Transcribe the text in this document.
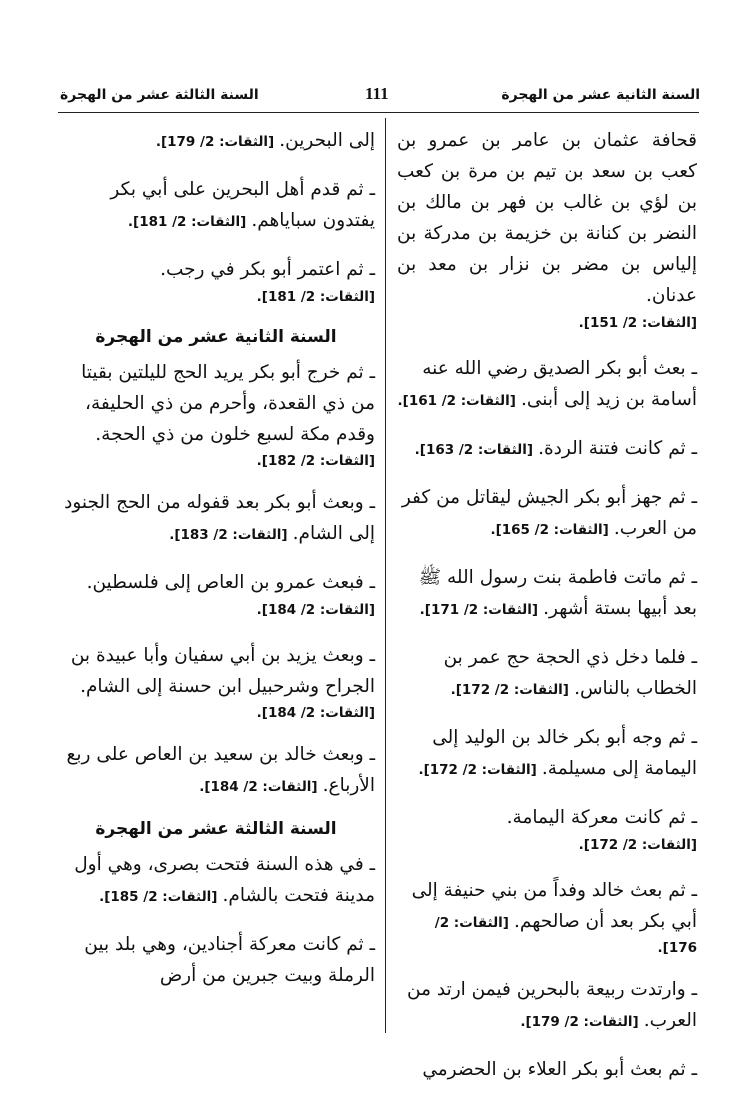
السنة الثانية عشر من الهجرة
111
السنة الثالثة عشر من الهجرة
قحافة عثمان بن عامر بن عمرو بن كعب بن سعد بن تيم بن مرة بن كعب بن لؤي بن غالب بن فهر بن مالك بن النضر بن كنانة بن خزيمة بن مدركة بن إلياس بن مضر بن نزار بن معد بن عدنان.
[الثقات: 2/ 151].
ـ بعث أبو بكر الصديق رضي الله عنه أسامة بن زيد إلى أبنى. [الثقات: 2/ 161].
ـ ثم كانت فتنة الردة. [الثقات: 2/ 163].
ـ ثم جهز أبو بكر الجيش ليقاتل من كفر من العرب. [الثقات: 2/ 165].
ـ ثم ماتت فاطمة بنت رسول الله ﷺ بعد أبيها بستة أشهر. [الثقات: 2/ 171].
ـ فلما دخل ذي الحجة حج عمر بن الخطاب بالناس. [الثقات: 2/ 172].
ـ ثم وجه أبو بكر خالد بن الوليد إلى اليمامة إلى مسيلمة. [الثقات: 2/ 172].
ـ ثم كانت معركة اليمامة.
[الثقات: 2/ 172].
ـ ثم بعث خالد وفداً من بني حنيفة إلى أبي بكر بعد أن صالحهم. [الثقات: 2/ 176].
ـ وارتدت ربيعة بالبحرين فيمن ارتد من العرب. [الثقات: 2/ 179].
ـ ثم بعث أبو بكر العلاء بن الحضرمي
إلى البحرين. [الثقات: 2/ 179].
ـ ثم قدم أهل البحرين على أبي بكر يفتدون سباياهم. [الثقات: 2/ 181].
ـ ثم اعتمر أبو بكر في رجب.
[الثقات: 2/ 181].
السنة الثانية عشر من الهجرة
ـ ثم خرج أبو بكر يريد الحج لليلتين بقيتا من ذي القعدة، وأحرم من ذي الحليفة، وقدم مكة لسبع خلون من ذي الحجة. [الثقات: 2/ 182].
ـ وبعث أبو بكر بعد قفوله من الحج الجنود إلى الشام. [الثقات: 2/ 183].
ـ فبعث عمرو بن العاص إلى فلسطين.
[الثقات: 2/ 184].
ـ وبعث يزيد بن أبي سفيان وأبا عبيدة بن الجراح وشرحبيل ابن حسنة إلى الشام. [الثقات: 2/ 184].
ـ وبعث خالد بن سعيد بن العاص على ربع الأرباع. [الثقات: 2/ 184].
السنة الثالثة عشر من الهجرة
ـ في هذه السنة فتحت بصرى، وهي أول مدينة فتحت بالشام. [الثقات: 2/ 185].
ـ ثم كانت معركة أجنادين، وهي بلد بين الرملة وبيت جبرين من أرض
